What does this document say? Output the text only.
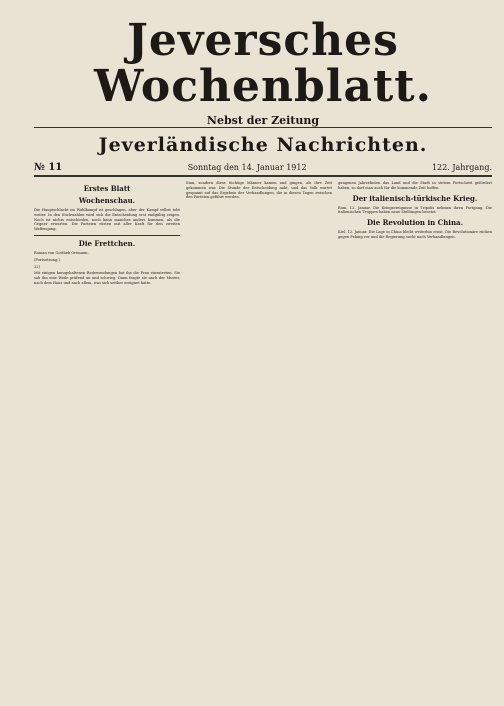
Jeversches Wochenblatt.
Nebst der Zeitung
Jeverländische Nachrichten.
№ 11	Sonntag den 14. Januar 1912	122. Jahrgang.
Erstes Blatt
Wochenschau.

Die Hauptschlacht im Wahlkampf ist geschlagen, aber der Kampf selbst tobt weiter. In den Stichwahlen wird sich die Entscheidung erst endgültig zeigen. Noch ist nichts entschieden, noch kann manches anders kommen, als die Gegner erwarten. Die Parteien rüsten mit aller Kraft für den zweiten Waffengang.

Die Frettchen.

Roman von Gottlieb Ortmann.

(Fortsetzung.)

22)

Mit einigen kurzgehaltenen Redewendungen bat ihn die Frau einzutreten. Sie sah ihn eine Weile prüfend an und schwieg. Dann fragte sie nach der Mutter, nach dem Haus und nach allem, was sich seither ereignet hatte.

Sinn, sondern diese tüchtige Männer kamen und gingen, als ihre Zeit gekommen war. Die Stunde der Entscheidung naht, und das Volk wartet gespannt auf das Ergebnis der Verhandlungen, die in diesen Tagen zwischen den Parteien geführt werden.

gangenen Jahrzehnten das Land und die Stadt in stetem Fortschritt gefördert haben, so darf man auch für die kommende Zeit hoffen.

Der italienisch-türkische Krieg.

Rom, 12. Januar. Die Kriegsereignisse in Tripolis nehmen ihren Fortgang. Die italienischen Truppen haben neue Stellungen besetzt.

Die Revolution in China.

Kiel, 12. Januar. Die Lage in China bleibt weiterhin ernst. Die Revolutionäre rücken gegen Peking vor und die Regierung sucht nach Verhandlungen.
